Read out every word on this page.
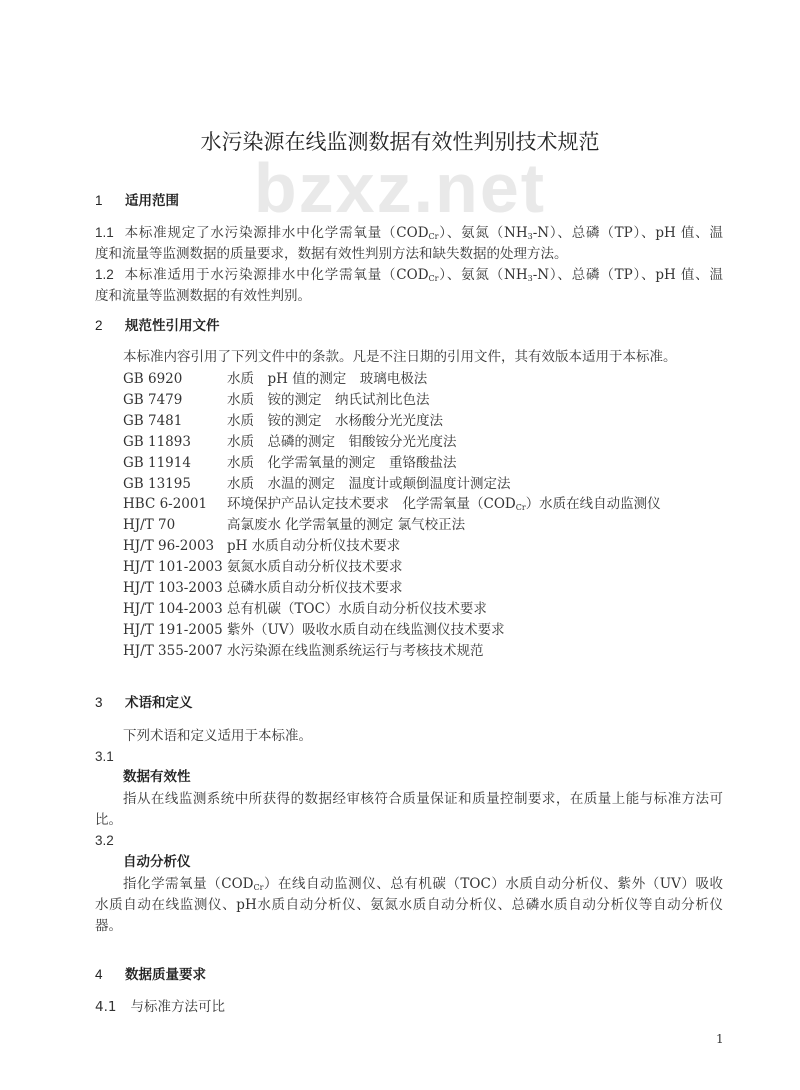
bzxz.net
水污染源在线监测数据有效性判别技术规范
1 适用范围
1.1 本标准规定了水污染源排水中化学需氧量$(COD_{Cr})$、氨氮$(NH_3-N)$、总磷（TP）、pH 值、温
度和流量等监测数据的质量要求，数据有效性判别方法和缺失数据的处理方法。
1.2 本标准适用于水污染源排水中化学需氧量$(COD_{Cr})$、氨氮$(NH_3-N)$、总磷（TP）、pH 值、温
度和流量等监测数据的有效性判别。
2 规范性引用文件
本标准内容引用了下列文件中的条款。凡是不注日期的引用文件，其有效版本适用于本标准。
GB 6920	水质　pH 值的测定　玻璃电极法
GB 7479	水质　铵的测定　纳氏试剂比色法
GB 7481	水质　铵的测定　水杨酸分光光度法
GB 11893	水质　总磷的测定　钼酸铵分光光度法
GB 11914	水质　化学需氧量的测定　重铬酸盐法
GB 13195	水质　水温的测定　温度计或颠倒温度计测定法
HBC 6-2001 环境保护产品认定技术要求　化学需氧量$(COD_{Cr})$水质在线自动监测仪
HJ/T 70	高氯废水 化学需氧量的测定 氯气校正法
HJ/T 96-2003 pH 水质自动分析仪技术要求
HJ/T 101-2003 氨氮水质自动分析仪技术要求
HJ/T 103-2003 总磷水质自动分析仪技术要求
HJ/T 104-2003 总有机碳（TOC）水质自动分析仪技术要求
HJ/T 191-2005 紫外（UV）吸收水质自动在线监测仪技术要求
HJ/T 355-2007 水污染源在线监测系统运行与考核技术规范
3 术语和定义
下列术语和定义适用于本标准。
3.1
数据有效性
指从在线监测系统中所获得的数据经审核符合质量保证和质量控制要求，在质量上能与标准方法可
比。
3.2
自动分析仪
指化学需氧量$(COD_{Cr})$在线自动监测仪、总有机碳（TOC）水质自动分析仪、紫外（UV）吸收
水质自动在线监测仪、pH水质自动分析仪、氨氮水质自动分析仪、总磷水质自动分析仪等自动分析仪
器。
4 数据质量要求
4.1 与标准方法可比
1
